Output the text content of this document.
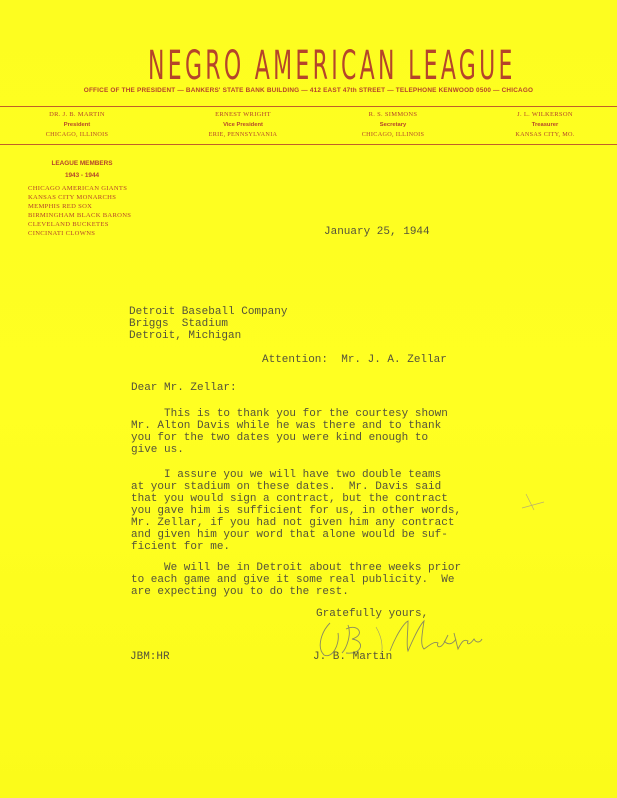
NEGRO AMERICAN LEAGUE
OFFICE OF THE PRESIDENT — BANKERS' STATE BANK BUILDING — 412 EAST 47th STREET — TELEPHONE KENWOOD 0500 — CHICAGO
DR. J. B. MARTIN
President
CHICAGO, ILLINOIS
ERNEST WRIGHT
Vice President
ERIE, PENNSYLVANIA
R. S. SIMMONS
Secretary
CHICAGO, ILLINOIS
J. L. WILKERSON
Treasurer
KANSAS CITY, MO.
LEAGUE MEMBERS
1943 - 1944
CHICAGO AMERICAN GIANTS
KANSAS CITY MONARCHS
MEMPHIS RED SOX
BIRMINGHAM BLACK BARONS
CLEVELAND BUCKETES
CINCINATI CLOWNS	January 25, 1944
Detroit Baseball Company
Briggs  Stadium
Detroit, Michigan
Attention:  Mr. J. A. Zellar
Dear Mr. Zellar:
This is to thank you for the courtesy shown
Mr. Alton Davis while he was there and to thank
you for the two dates you were kind enough to
give us.
I assure you we will have two double teams
at your stadium on these dates.  Mr. Davis said
that you would sign a contract, but the contract
you gave him is sufficient for us, in other words,
Mr. Zellar, if you had not given him any contract
and given him your word that alone would be suf-
ficient for me.
We will be in Detroit about three weeks prior
to each game and give it some real publicity.  We
are expecting you to do the rest.
Gratefully yours,
JBM:HR	J. B. Martin
